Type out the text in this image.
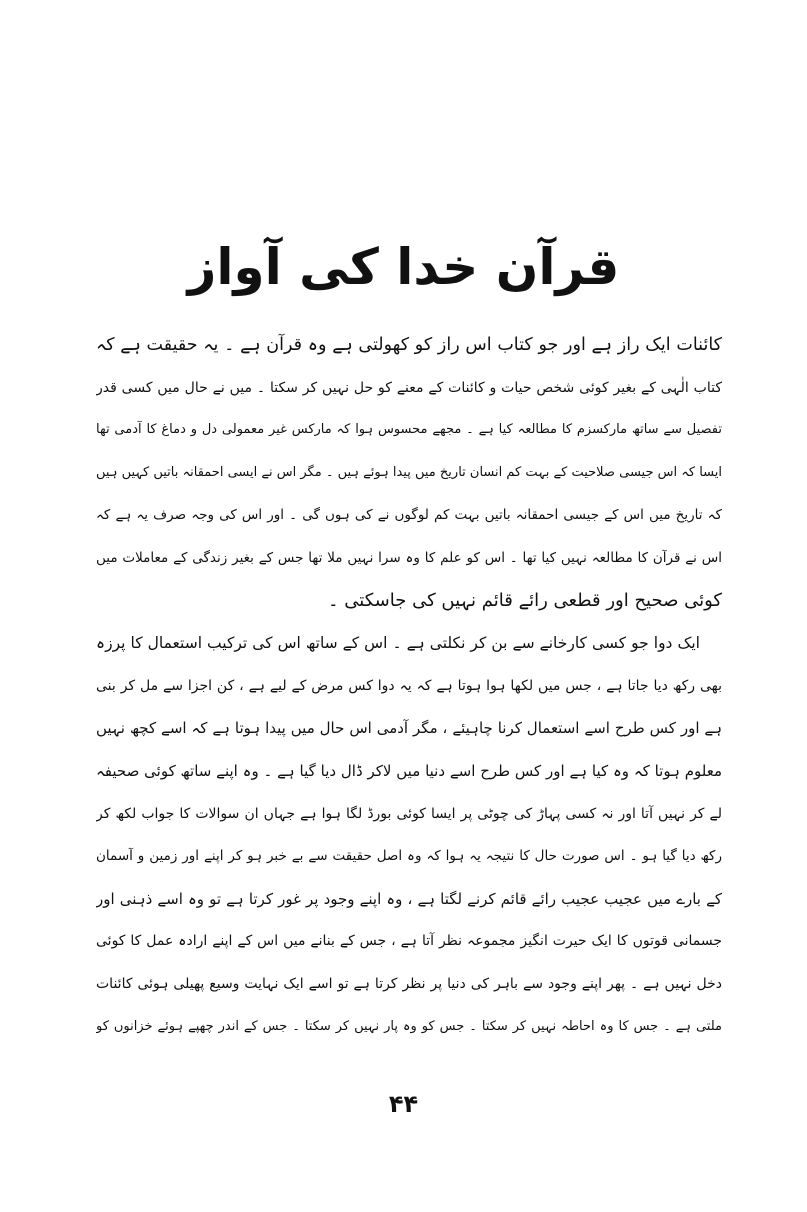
قرآن خدا کی آواز
کائنات ایک راز ہے اور جو کتاب اس راز کو کھولتی ہے وہ قرآن ہے ۔ یہ حقیقت ہے کہ
کتاب الٰہی کے بغیر کوئی شخص حیات و کائنات کے معنے کو حل نہیں کر سکتا ۔ میں نے حال میں کسی قدر
تفصیل سے ساتھ مارکسزم کا مطالعہ کیا ہے ۔ مجھے محسوس ہوا کہ مارکس غیر معمولی دل و دماغ کا آدمی تھا
ایسا کہ اس جیسی صلاحیت کے بہت کم انسان تاریخ میں پیدا ہوئے ہیں ۔ مگر اس نے ایسی احمقانہ باتیں کہیں ہیں
کہ تاریخ میں اس کے جیسی احمقانہ باتیں بہت کم لوگوں نے کی ہوں گی ۔ اور اس کی وجہ صرف یہ ہے کہ
اس نے قرآن کا مطالعہ نہیں کیا تھا ۔ اس کو علم کا وہ سرا نہیں ملا تھا جس کے بغیر زندگی کے معاملات میں
کوئی صحیح اور قطعی رائے قائم نہیں کی جاسکتی ۔
ایک دوا جو کسی کارخانے سے بن کر نکلتی ہے ۔ اس کے ساتھ اس کی ترکیب استعمال کا پرزہ
بھی رکھ دیا جاتا ہے ، جس میں لکھا ہوا ہوتا ہے کہ یہ دوا کس مرض کے لیے ہے ، کن اجزا سے مل کر بنی
ہے اور کس طرح اسے استعمال کرنا چاہیئے ، مگر آدمی اس حال میں پیدا ہوتا ہے کہ اسے کچھ نہیں
معلوم ہوتا کہ وہ کیا ہے اور کس طرح اسے دنیا میں لاکر ڈال دیا گیا ہے ۔ وہ اپنے ساتھ کوئی صحیفہ
لے کر نہیں آتا اور نہ کسی پہاڑ کی چوٹی پر ایسا کوئی بورڈ لگا ہوا ہے جہاں ان سوالات کا جواب لکھ کر
رکھ دیا گیا ہو ۔ اس صورت حال کا نتیجہ یہ ہوا کہ وہ اصل حقیقت سے بے خبر ہو کر اپنے اور زمین و آسمان
کے بارے میں عجیب عجیب رائے قائم کرنے لگتا ہے ، وہ اپنے وجود پر غور کرتا ہے تو وہ اسے ذہنی اور
جسمانی قوتوں کا ایک حیرت انگیز مجموعہ نظر آتا ہے ، جس کے بنانے میں اس کے اپنے ارادہ عمل کا کوئی
دخل نہیں ہے ۔ پھر اپنے وجود سے باہر کی دنیا پر نظر کرتا ہے تو اسے ایک نہایت وسیع پھیلی ہوئی کائنات
ملتی ہے ۔ جس کا وہ احاطہ نہیں کر سکتا ۔ جس کو وہ پار نہیں کر سکتا ۔ جس کے اندر چھپے ہوئے خزانوں کو
۴۴
